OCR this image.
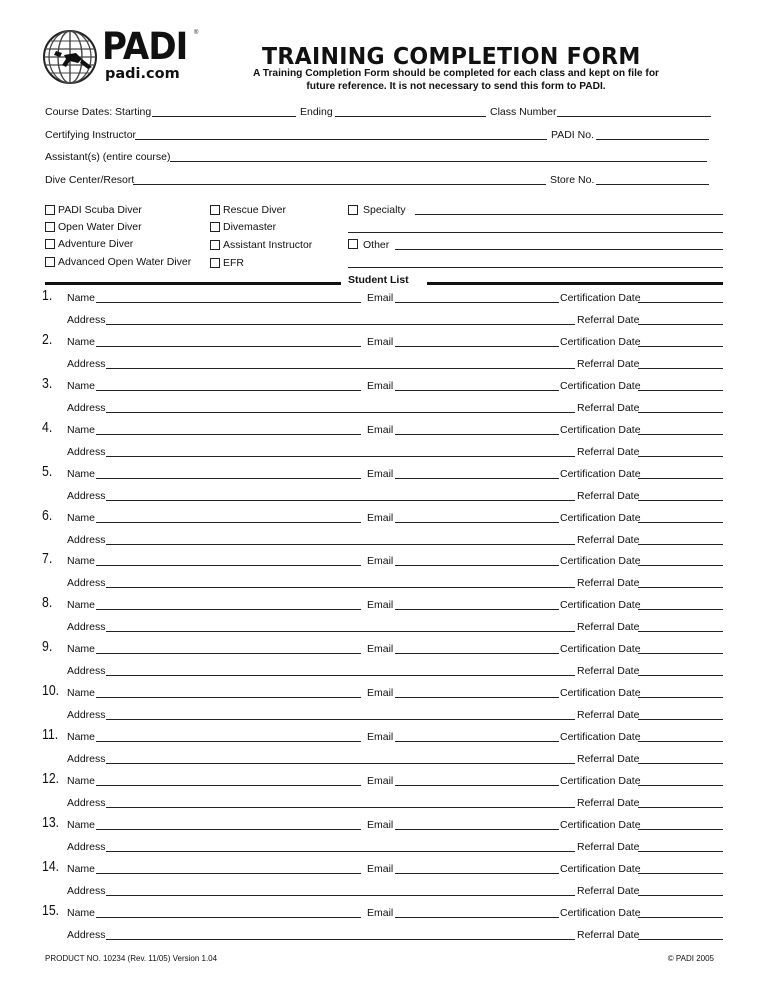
PADI ®
padi.com
TRAINING COMPLETION FORM
A Training Completion Form should be completed for each class and kept on file for
future reference. It is not necessary to send this form to PADI.
Course Dates: Starting	Ending	Class Number
Certifying Instructor	PADI No.
Assistant(s) (entire course)
Dive Center/Resort	Store No.
PADI Scuba Diver
Open Water Diver
Adventure Diver
Advanced Open Water Diver
Rescue Diver
Divemaster
Assistant Instructor
EFR
Specialty
Other
Student List
1. Name	Email	Certification Date
Address	Referral Date
2. Name	Email	Certification Date
Address	Referral Date
3. Name	Email	Certification Date
Address	Referral Date
4. Name	Email	Certification Date
Address	Referral Date
5. Name	Email	Certification Date
Address	Referral Date
6. Name	Email	Certification Date
Address	Referral Date
7. Name	Email	Certification Date
Address	Referral Date
8. Name	Email	Certification Date
Address	Referral Date
9. Name	Email	Certification Date
Address	Referral Date
10. Name	Email	Certification Date
Address	Referral Date
11. Name	Email	Certification Date
Address	Referral Date
12. Name	Email	Certification Date
Address	Referral Date
13. Name	Email	Certification Date
Address	Referral Date
14. Name	Email	Certification Date
Address	Referral Date
15. Name	Email	Certification Date
Address	Referral Date
PRODUCT NO. 10234 (Rev. 11/05) Version 1.04	© PADI 2005
